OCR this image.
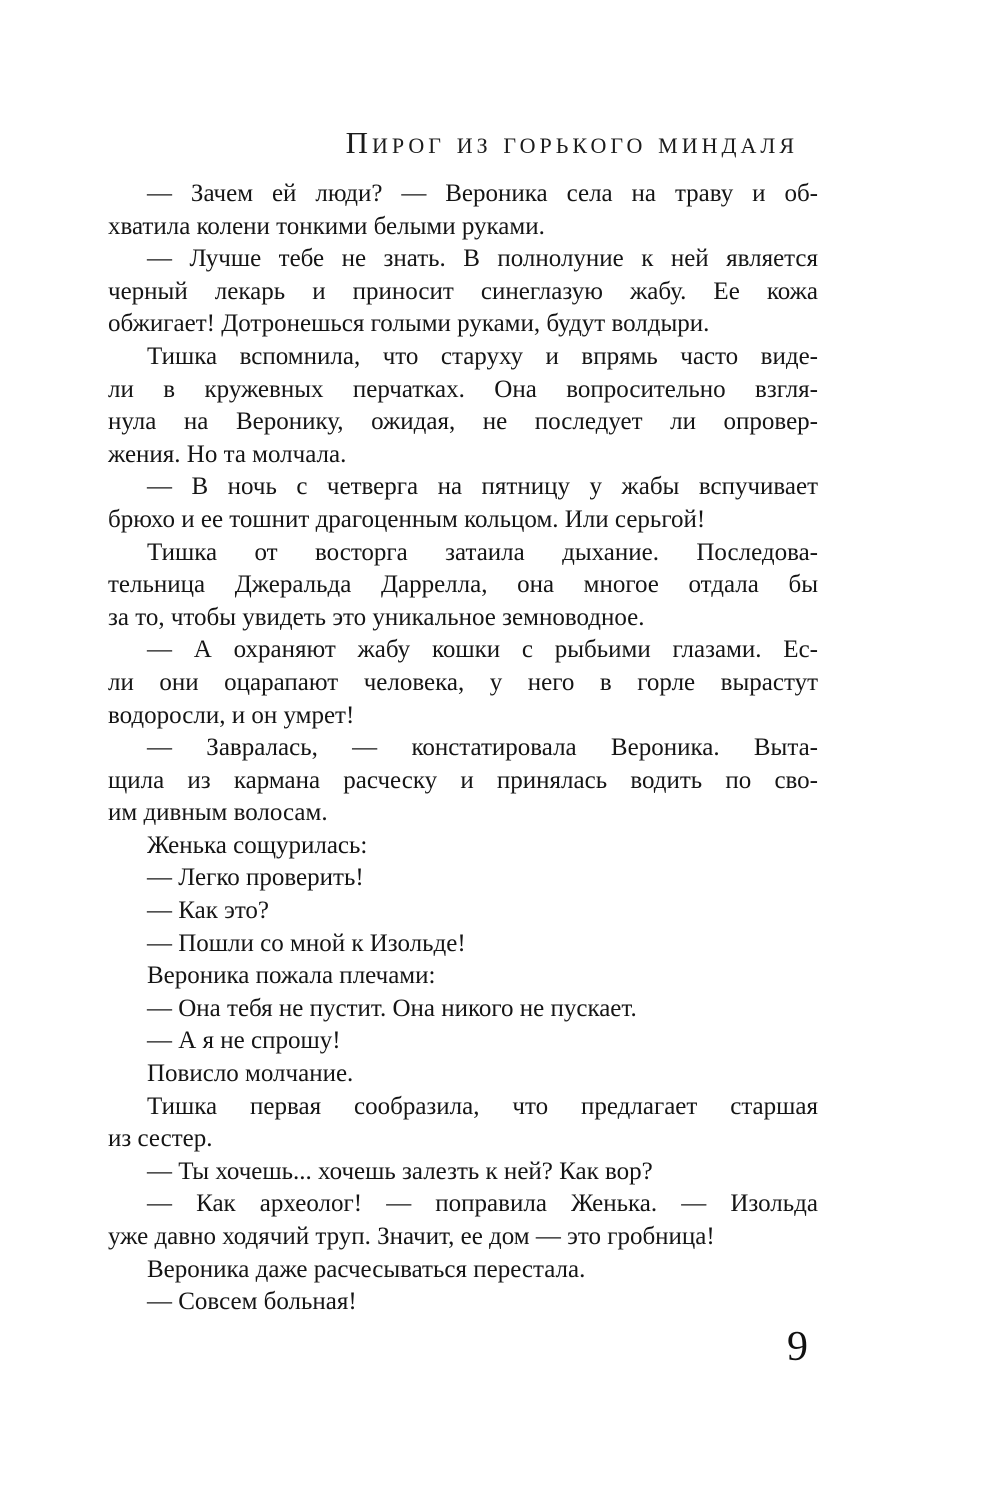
Пирог из горького миндаля
— Зачем ей люди? — Вероника села на траву и об-
хватила колени тонкими белыми руками.
— Лучше тебе не знать. В полнолуние к ней является
черный лекарь и приносит синеглазую жабу. Ее кожа
обжигает! Дотронешься голыми руками, будут волдыри.
Тишка вспомнила, что старуху и впрямь часто виде-
ли в кружевных перчатках. Она вопросительно взгля-
нула на Веронику, ожидая, не последует ли опровер-
жения. Но та молчала.
— В ночь с четверга на пятницу у жабы вспучивает
брюхо и ее тошнит драгоценным кольцом. Или серьгой!
Тишка от восторга затаила дыхание. Последова-
тельница Джеральда Даррелла, она многое отдала бы
за то, чтобы увидеть это уникальное земноводное.
— А охраняют жабу кошки с рыбьими глазами. Ес-
ли они оцарапают человека, у него в горле вырастут
водоросли, и он умрет!
— Завралась, — констатировала Вероника. Выта-
щила из кармана расческу и принялась водить по сво-
им дивным волосам.
Женька сощурилась:
— Легко проверить!
— Как это?
— Пошли со мной к Изольде!
Вероника пожала плечами:
— Она тебя не пустит. Она никого не пускает.
— А я не спрошу!
Повисло молчание.
Тишка первая сообразила, что предлагает старшая
из сестер.
— Ты хочешь... хочешь залезть к ней? Как вор?
— Как археолог! — поправила Женька. — Изольда
уже давно ходячий труп. Значит, ее дом — это гробница!
Вероника даже расчесываться перестала.
— Совсем больная!
9
